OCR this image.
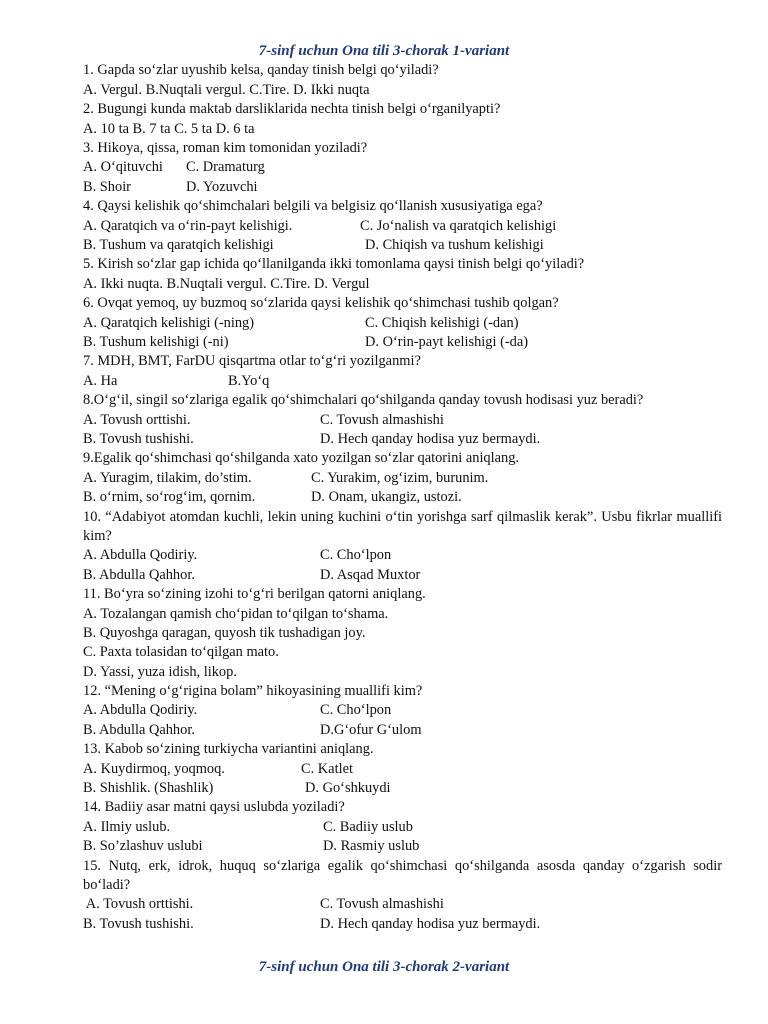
7-sinf uchun Ona tili 3-chorak 1-variant
1. Gapda so‘zlar uyushib kelsa, qanday tinish belgi qo‘yiladi?
A. Vergul. B.Nuqtali vergul. C.Tire. D. Ikki nuqta
2. Bugungi kunda maktab darsliklarida nechta tinish belgi o‘rganilyapti?
A. 10 ta B. 7 ta C. 5 ta D. 6 ta
3. Hikoya, qissa, roman kim tomonidan yoziladi?
A. O‘qituvchi	C. Dramaturg
B. Shoir	D. Yozuvchi
4. Qaysi kelishik qo‘shimchalari belgili va belgisiz qo‘llanish xususiyatiga ega?
A. Qaratqich va o‘rin-payt kelishigi.	C. Jo‘nalish va qaratqich kelishigi
B. Tushum va qaratqich kelishigi	D. Chiqish va tushum kelishigi
5. Kirish so‘zlar gap ichida qo‘llanilganda ikki tomonlama qaysi tinish belgi qo‘yiladi?
A. Ikki nuqta. B.Nuqtali vergul. C.Tire. D. Vergul
6. Ovqat yemoq, uy buzmoq so‘zlarida qaysi kelishik qo‘shimchasi tushib qolgan?
A. Qaratqich kelishigi (-ning)	C. Chiqish kelishigi (-dan)
B. Tushum kelishigi (-ni)	D. O‘rin-payt kelishigi (-da)
7. MDH, BMT, FarDU qisqartma otlar to‘g‘ri yozilganmi?
A. Ha	B.Yo‘q
8.O‘g‘il, singil so‘zlariga egalik qo‘shimchalari qo‘shilganda qanday tovush hodisasi yuz beradi?
A. Tovush orttishi.	C. Tovush almashishi
B. Tovush tushishi.	D. Hech qanday hodisa yuz bermaydi.
9.Egalik qo‘shimchasi qo‘shilganda xato yozilgan so‘zlar qatorini aniqlang.
A. Yuragim, tilakim, do’stim.	C. Yurakim, og‘izim, burunim.
B. o‘rnim, so‘rog‘im, qornim.	D. Onam, ukangiz, ustozi.
10. “Adabiyot atomdan kuchli, lekin uning kuchini o‘tin yorishga sarf qilmaslik kerak”. Usbu fikrlar muallifi kim?
A. Abdulla Qodiriy.	C. Cho‘lpon
B. Abdulla Qahhor.	D. Asqad Muxtor
11. Bo‘yra so‘zining izohi to‘g‘ri berilgan qatorni aniqlang.
A. Tozalangan qamish cho‘pidan to‘qilgan to‘shama.
B. Quyoshga qaragan, quyosh tik tushadigan joy.
C. Paxta tolasidan to‘qilgan mato.
D. Yassi, yuza idish, likop.
12. “Mening o‘g‘rigina bolam” hikoyasining muallifi kim?
A. Abdulla Qodiriy.	C. Cho‘lpon
B. Abdulla Qahhor.	D.G‘ofur G‘ulom
13. Kabob so‘zining turkiycha variantini aniqlang.
A. Kuydirmoq, yoqmoq.	C. Katlet
B. Shishlik. (Shashlik)	D. Go‘shkuydi
14. Badiiy asar matni qaysi uslubda yoziladi?
A. Ilmiy uslub.	C. Badiiy uslub
B. So’zlashuv uslubi	D. Rasmiy uslub
15. Nutq, erk, idrok, huquq so‘zlariga egalik qo‘shimchasi qo‘shilganda asosda qanday o‘zgarish sodir bo‘ladi?
A. Tovush orttishi.	C. Tovush almashishi
B. Tovush tushishi.	D. Hech qanday hodisa yuz bermaydi.
7-sinf uchun Ona tili 3-chorak 2-variant
